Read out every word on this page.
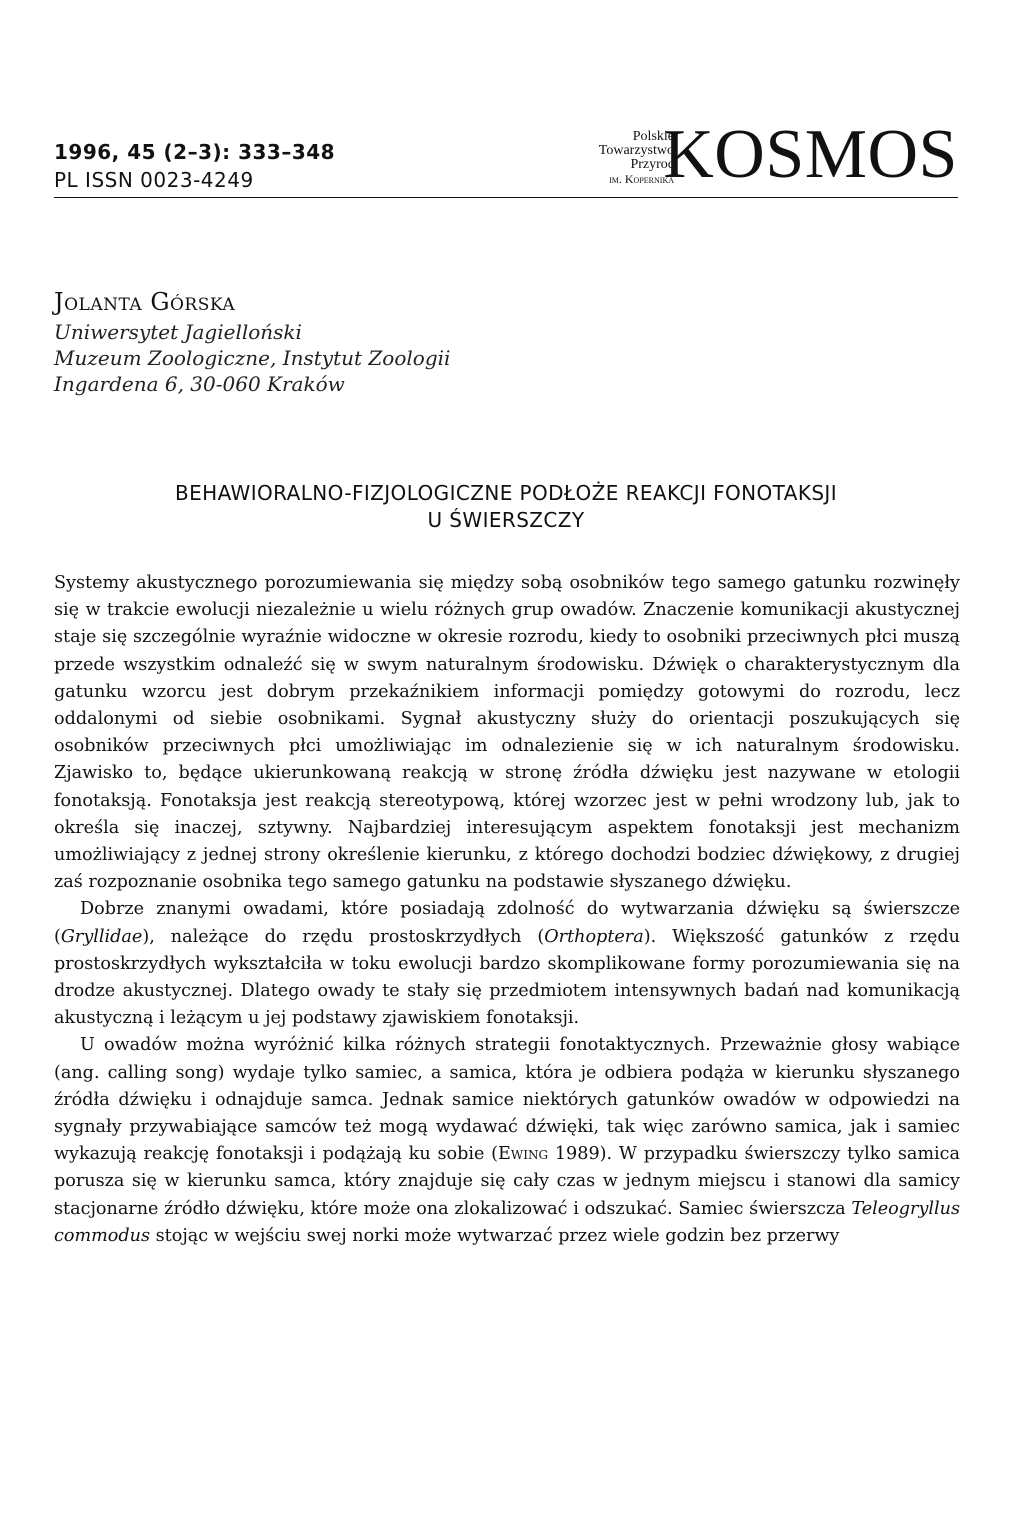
1996, 45 (2–3): 333–348
PL ISSN 0023-4249
Polskie
Towarzystwo
Przyroc
im. Kopernika
KOSMOS
Jolanta Górska
Uniwersytet Jagielloński
Muzeum Zoologiczne, Instytut Zoologii
Ingardena 6, 30-060 Kraków
BEHAWIORALNO-FIZJOLOGICZNE PODŁOŻE REAKCJI FONOTAKSJI
U ŚWIERSZCZY

Systemy akustycznego porozumiewania się między sobą osobników tego samego gatunku rozwinęły się w trakcie ewolucji niezależnie u wielu różnych grup owadów. Znaczenie komunikacji akustycznej staje się szczególnie wyraźnie widoczne w okresie rozrodu, kiedy to osobniki przeciwnych płci muszą przede wszystkim odnaleźć się w swym naturalnym środowisku. Dźwięk o charakterystycznym dla gatunku wzorcu jest dobrym przekaźnikiem informacji pomiędzy gotowymi do rozrodu, lecz oddalonymi od siebie osobnikami. Sygnał akustyczny służy do orientacji poszukujących się osobników przeciwnych płci umożliwiając im odnalezienie się w ich naturalnym środowisku. Zjawisko to, będące ukierunkowaną reakcją w stronę źródła dźwięku jest nazywane w etologii fonotaksją. Fonotaksja jest reakcją stereotypową, której wzorzec jest w pełni wrodzony lub, jak to określa się inaczej, sztywny. Najbardziej interesującym aspektem fonotaksji jest mechanizm umożliwiający z jednej strony określenie kierunku, z którego dochodzi bodziec dźwiękowy, z drugiej zaś rozpoznanie osobnika tego samego gatunku na podstawie słyszanego dźwięku.

Dobrze znanymi owadami, które posiadają zdolność do wytwarzania dźwięku są świerszcze (Gryllidae), należące do rzędu prostoskrzydłych (Orthoptera). Większość gatunków z rzędu prostoskrzydłych wykształciła w toku ewolucji bardzo skomplikowane formy porozumiewania się na drodze akustycznej. Dlatego owady te stały się przedmiotem intensywnych badań nad komunikacją akustyczną i leżącym u jej podstawy zjawiskiem fonotaksji.

U owadów można wyróżnić kilka różnych strategii fonotaktycznych. Przeważnie głosy wabiące (ang. calling song) wydaje tylko samiec, a samica, która je odbiera podąża w kierunku słyszanego źródła dźwięku i odnajduje samca. Jednak samice niektórych gatunków owadów w odpowiedzi na sygnały przywabiające samców też mogą wydawać dźwięki, tak więc zarówno samica, jak i samiec wykazują reakcję fonotaksji i podążają ku sobie (Ewing 1989). W przypadku świerszczy tylko samica porusza się w kierunku samca, który znajduje się cały czas w jednym miejscu i stanowi dla samicy stacjonarne źródło dźwięku, które może ona zlokalizować i odszukać. Samiec świerszcza Teleogryllus commodus stojąc w wejściu swej norki może wytwarzać przez wiele godzin bez przerwy
